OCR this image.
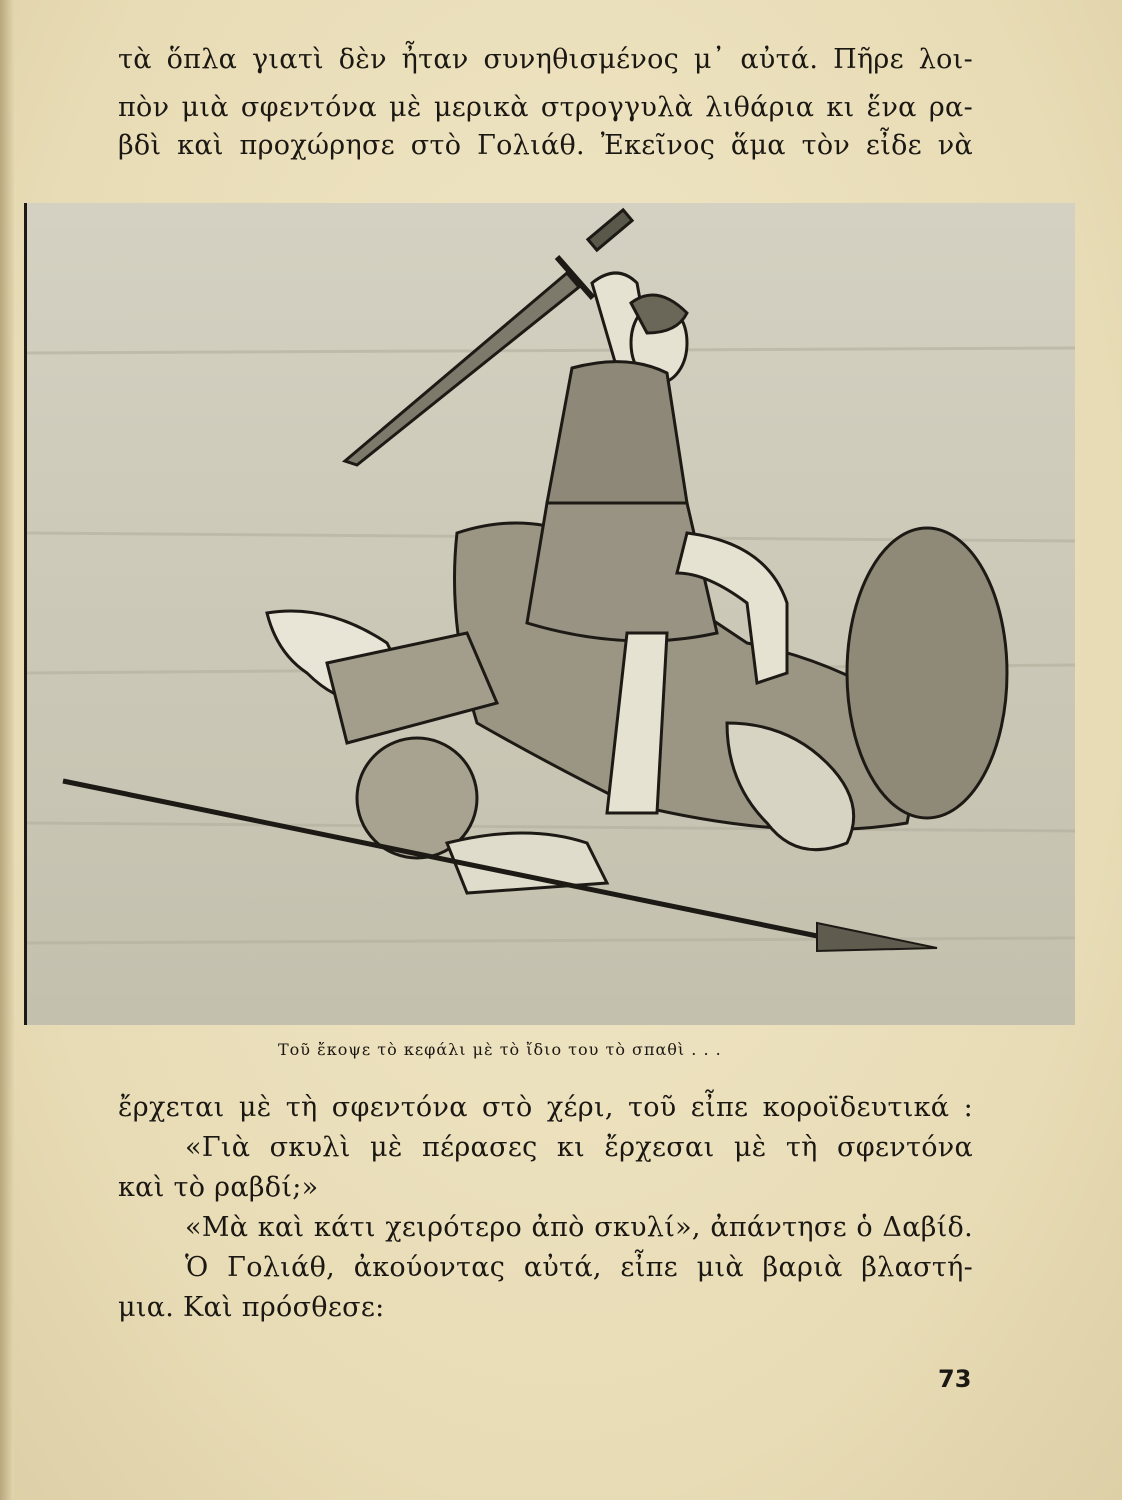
τὰ ὅπλα γιατὶ δὲν ἦταν συνηθισμένος μ᾽ αὐτά. Πῆρε λοι-
πὸν μιὰ σφεντόνα μὲ μερικὰ στρογγυλὰ λιθάρια κι ἕνα ρα-
βδὶ καὶ προχώρησε στὸ Γολιάθ. Ἐκεῖνος ἅμα τὸν εἶδε νὰ
Τοῦ ἔκοψε τὸ κεφάλι μὲ τὸ ἴδιο του τὸ σπαθὶ . . .
ἔρχεται μὲ τὴ σφεντόνα στὸ χέρι, τοῦ εἶπε κοροϊδευτικά :
«Γιὰ σκυλὶ μὲ πέρασες κι ἔρχεσαι μὲ τὴ σφεντόνα
καὶ τὸ ραβδί;»
«Μὰ καὶ κάτι χειρότερο ἀπὸ σκυλί», ἀπάντησε ὁ Δαβίδ.
Ὁ Γολιάθ, ἀκούοντας αὐτά, εἶπε μιὰ βαριὰ βλαστή-
μια. Καὶ πρόσθεσε:
73
